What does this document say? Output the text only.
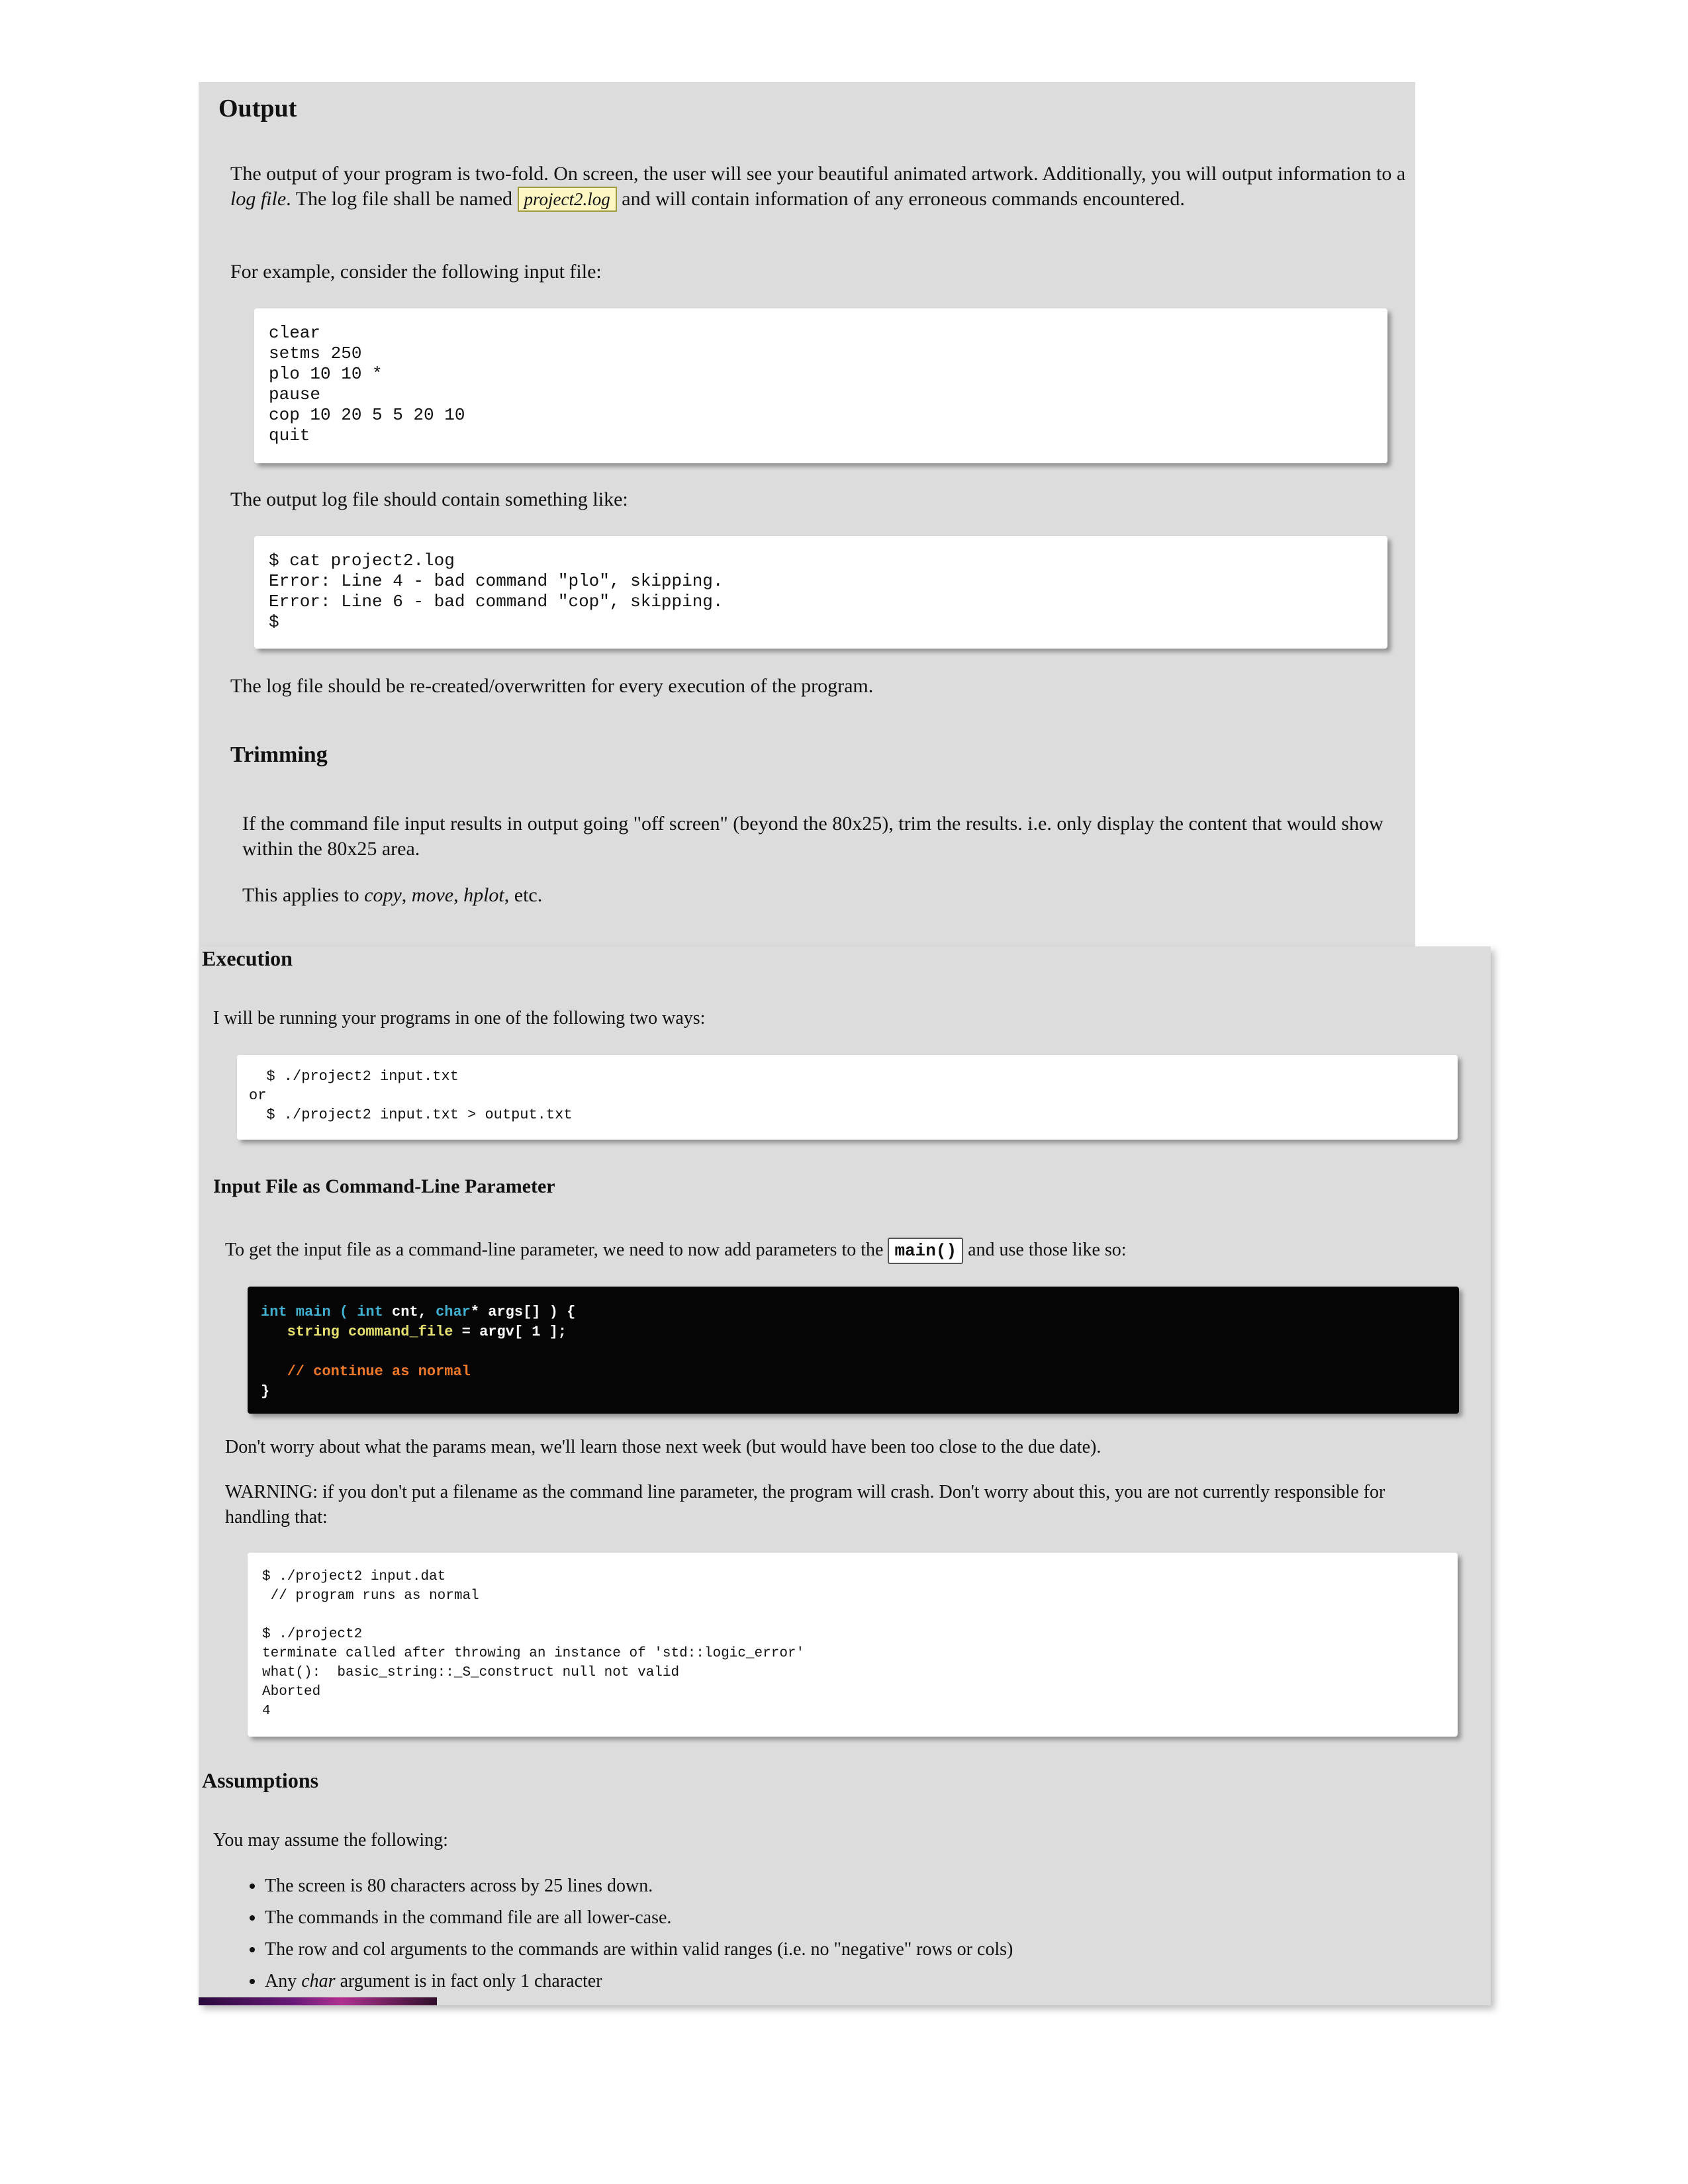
Output

The output of your program is two-fold. On screen, the user will see your beautiful animated artwork. Additionally, you will output information to a log file. The log file shall be named project2.log and will contain information of any erroneous commands encountered.

For example, consider the following input file:

clear
setms 250
plo 10 10 *
pause
cop 10 20 5 5 20 10
quit

The output log file should contain something like:

$ cat project2.log
Error: Line 4 - bad command "plo", skipping.
Error: Line 6 - bad command "cop", skipping.
$

The log file should be re-created/overwritten for every execution of the program.

Trimming

If the command file input results in output going "off screen" (beyond the 80x25), trim the results. i.e. only display the content that would show within the 80x25 area.

This applies to copy, move, hplot, etc.

Execution

I will be running your programs in one of the following two ways:

$ ./project2 input.txt
or
$ ./project2 input.txt > output.txt
Input File as Command-Line Parameter

To get the input file as a command-line parameter, we need to now add parameters to the main() and use those like so:

int main ( int cnt, char* args[] ) {
string command_file = argv[ 1 ];

// continue as normal
}

Don't worry about what the params mean, we'll learn those next week (but would have been too close to the due date).

WARNING: if you don't put a filename as the command line parameter, the program will crash. Don't worry about this, you are not currently responsible for handling that:

$ ./project2 input.dat
// program runs as normal

$ ./project2
terminate called after throwing an instance of 'std::logic_error'
what():  basic_string::_S_construct null not valid
Aborted
4
Assumptions

You may assume the following:

• The screen is 80 characters across by 25 lines down.
• The commands in the command file are all lower-case.
• The row and col arguments to the commands are within valid ranges (i.e. no "negative" rows or cols)
• Any char argument is in fact only 1 character
